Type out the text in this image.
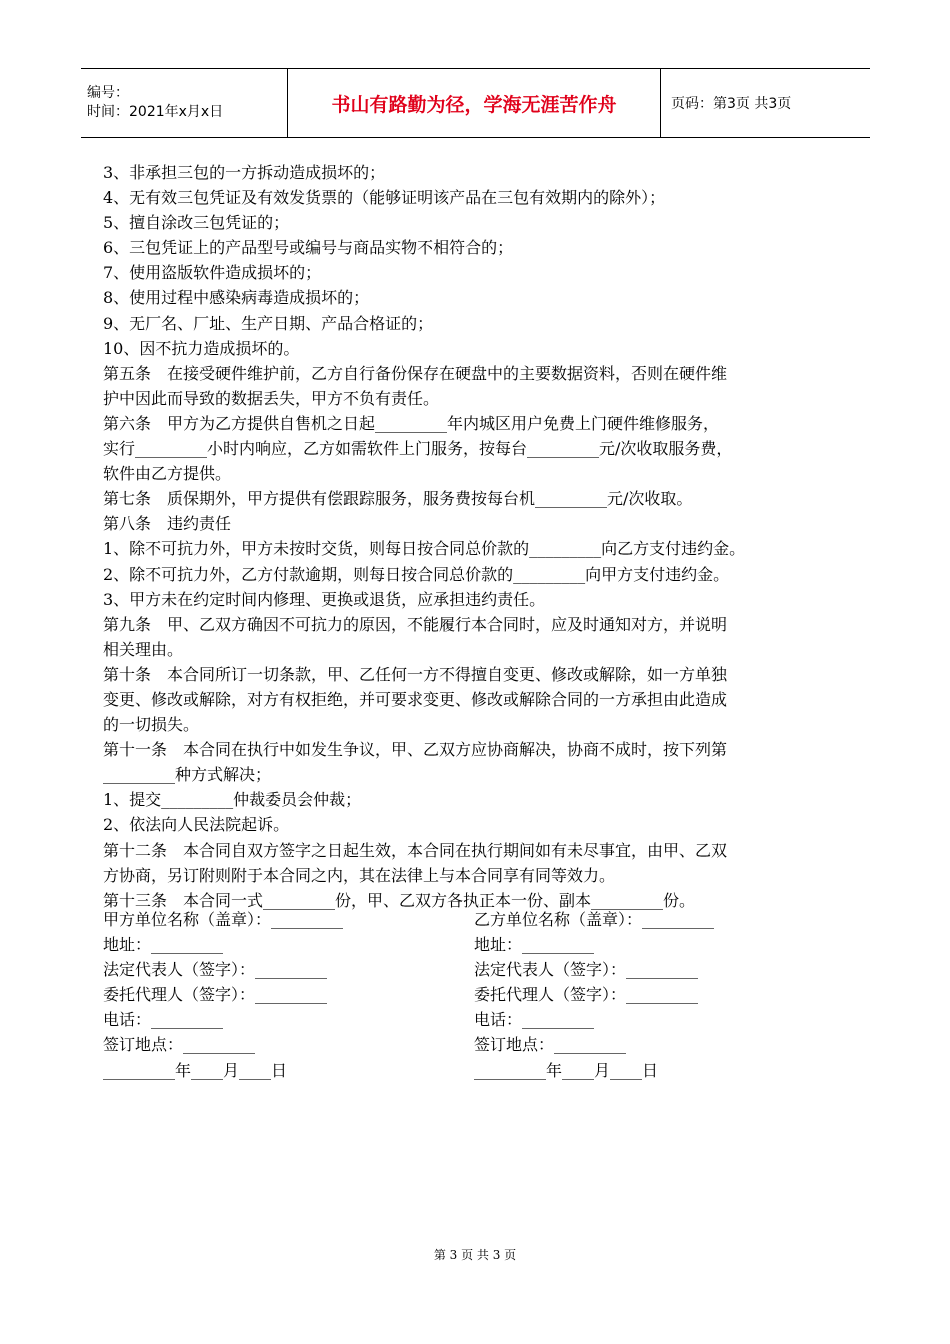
编号：
时间：2021年x月x日	书山有路勤为径，学海无涯苦作舟	页码：第3页 共3页

3、非承担三包的一方拆动造成损坏的；

4、无有效三包凭证及有效发货票的（能够证明该产品在三包有效期内的除外）；

5、擅自涂改三包凭证的；

6、三包凭证上的产品型号或编号与商品实物不相符合的；

7、使用盗版软件造成损坏的；

8、使用过程中感染病毒造成损坏的；

9、无厂名、厂址、生产日期、产品合格证的；

10、因不抗力造成损坏的。

第五条　在接受硬件维护前，乙方自行备份保存在硬盘中的主要数据资料，否则在硬件维

护中因此而导致的数据丢失，甲方不负有责任。

第六条　甲方为乙方提供自售机之日起_________年内城区用户免费上门硬件维修服务，

实行_________小时内响应，乙方如需软件上门服务，按每台_________元/次收取服务费，

软件由乙方提供。

第七条　质保期外，甲方提供有偿跟踪服务，服务费按每台机_________元/次收取。

第八条　违约责任

1、除不可抗力外，甲方未按时交货，则每日按合同总价款的_________向乙方支付违约金。

2、除不可抗力外，乙方付款逾期，则每日按合同总价款的_________向甲方支付违约金。

3、甲方未在约定时间内修理、更换或退货，应承担违约责任。

第九条　甲、乙双方确因不可抗力的原因，不能履行本合同时，应及时通知对方，并说明

相关理由。

第十条　本合同所订一切条款，甲、乙任何一方不得擅自变更、修改或解除，如一方单独

变更、修改或解除，对方有权拒绝，并可要求变更、修改或解除合同的一方承担由此造成

的一切损失。

第十一条　本合同在执行中如发生争议，甲、乙双方应协商解决，协商不成时，按下列第

_________种方式解决；

1、提交_________仲裁委员会仲裁；

2、依法向人民法院起诉。

第十二条　本合同自双方签字之日起生效，本合同在执行期间如有未尽事宜，由甲、乙双

方协商，另订附则附于本合同之内，其在法律上与本合同享有同等效力。

第十三条　本合同一式_________份，甲、乙双方各执正本一份、副本_________份。

甲方单位名称（盖章）：_________	乙方单位名称（盖章）：_________
地址：_________	地址：_________
法定代表人（签字）：_________	法定代表人（签字）：_________
委托代理人（签字）：_________	委托代理人（签字）：_________
电话：_________	电话：_________
签订地点：_________	签订地点：_________
_________年____月____日	_________年____月____日
第 3 页 共 3 页
